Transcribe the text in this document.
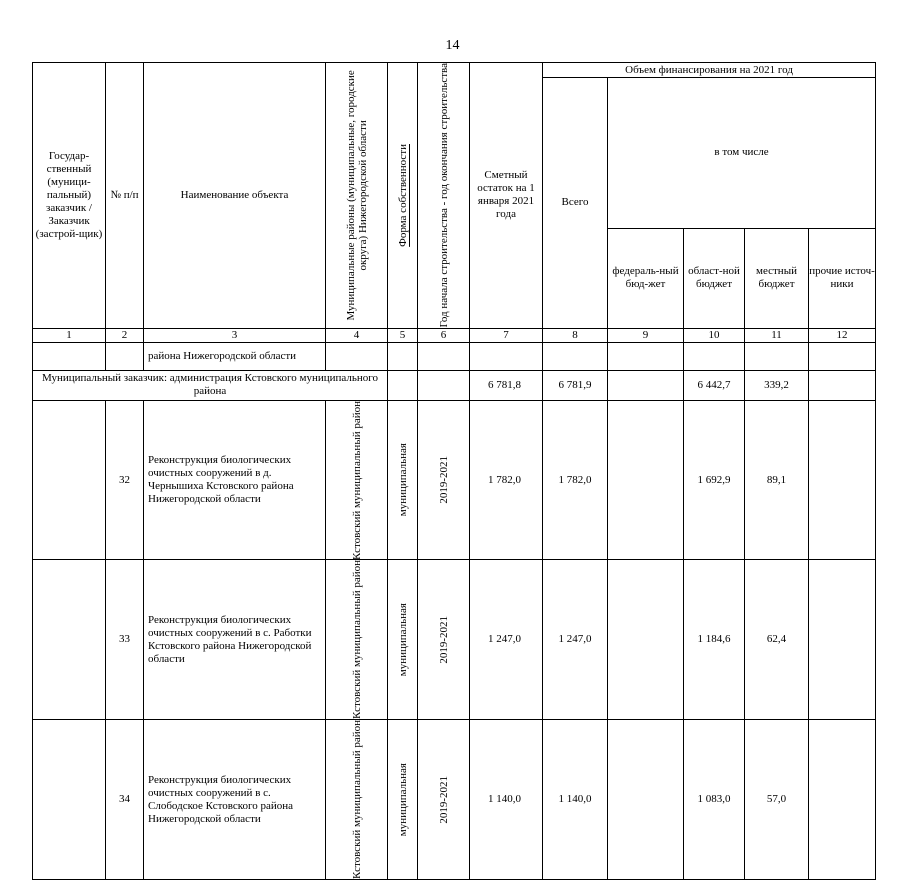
14
Государ-ственный (муници-пальный) заказчик / Заказчик (застрой-щик)	№ п/п	Наименование объекта	Муниципальные районы (муниципальные, городские округа) Нижегородской области	Форма собственности	Год начала строительства - год окончания строительства	Сметный остаток на 1 января 2021 года	Объем финансирования на 2021 год				
							Всего	в том числе			
								федераль-ный бюд-жет	област-ной бюджет	местный бюджет	прочие источ-ники
1	2	3	4	5	6	7	8	9	10	11	12
		района Нижегородской области									
Муниципальный заказчик: администрация Кстовского муниципального района						6 781,8	6 781,9		6 442,7	339,2	
	32	Реконструкция биологических очистных сооружений в д. Чернышиха Кстовского района Нижегородской области	Кстовский муниципальный район	муниципальная	2019-2021	1 782,0	1 782,0		1 692,9	89,1	
	33	Реконструкция биологических очистных сооружений в с. Работки Кстовского района Нижегородской области	Кстовский муниципальный район	муниципальная	2019-2021	1 247,0	1 247,0		1 184,6	62,4	
	34	Реконструкция биологических очистных сооружений в с. Слободское Кстовского района Нижегородской области	Кстовский муниципальный район	муниципальная	2019-2021	1 140,0	1 140,0		1 083,0	57,0	
